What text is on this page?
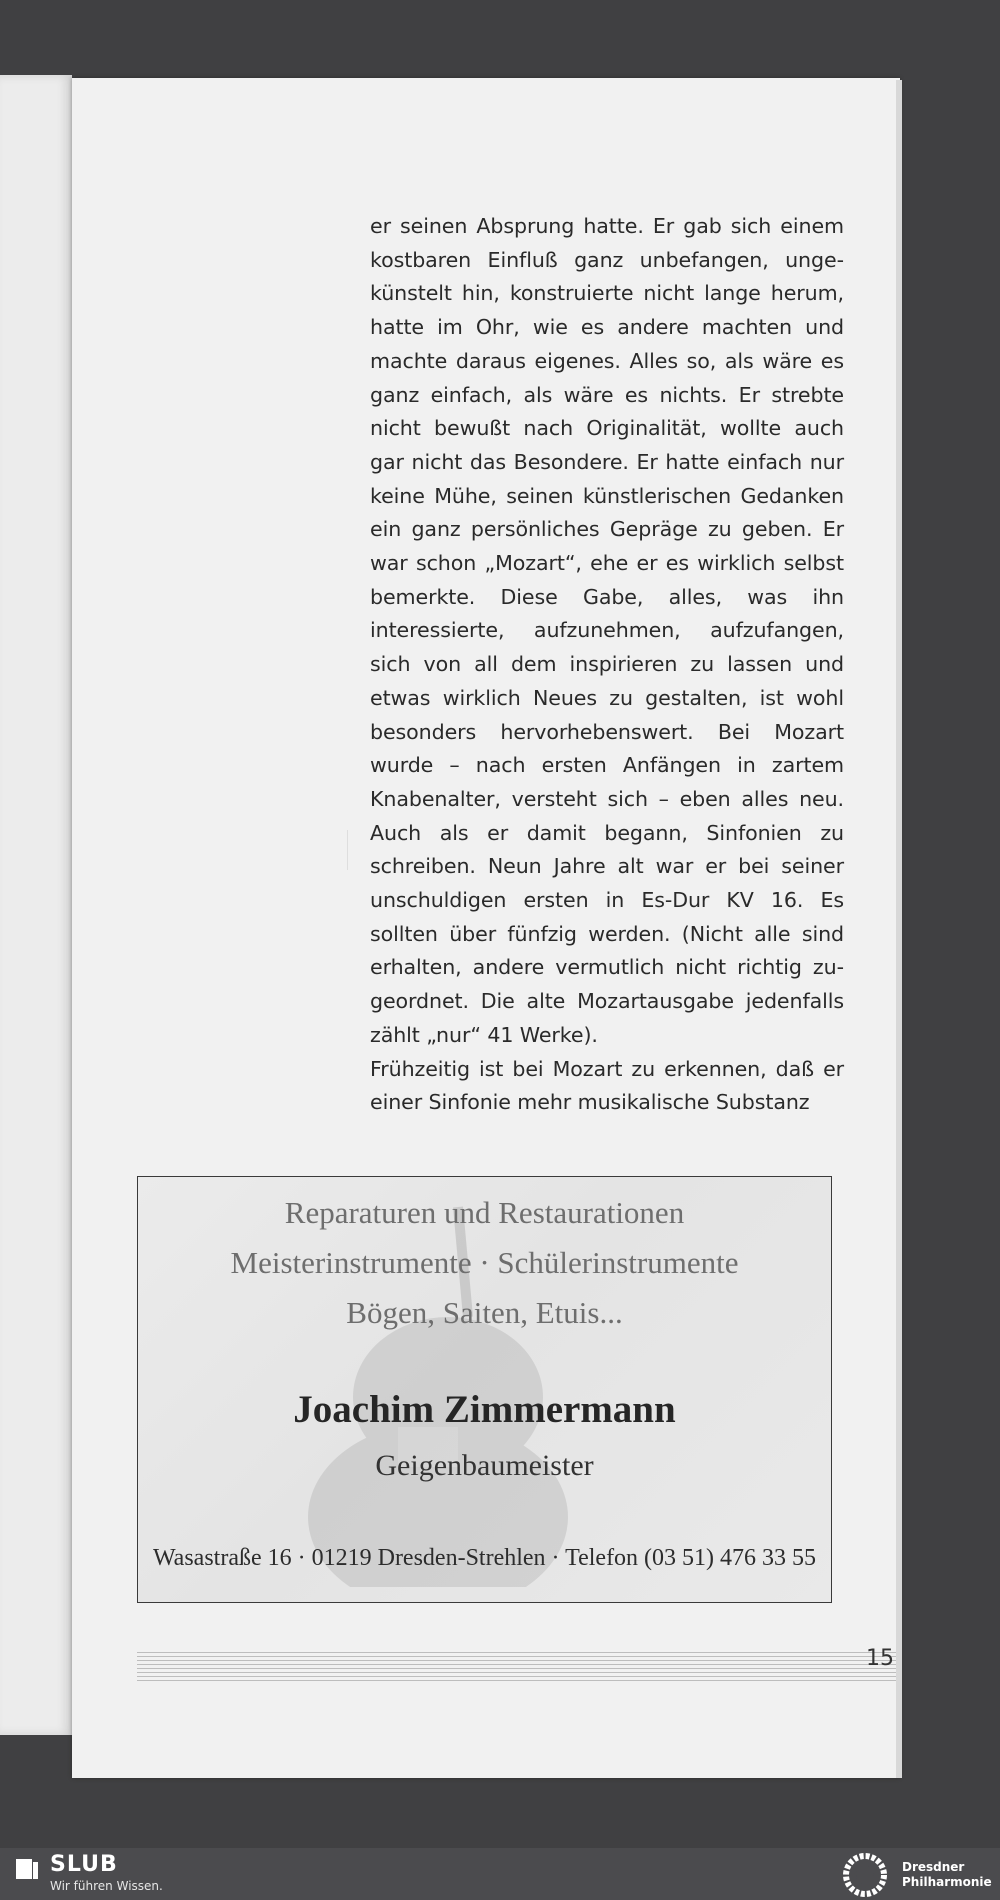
er seinen Absprung hatte. Er gab sich einem kostbaren Einfluß ganz unbefangen, ungekünstelt hin, konstruierte nicht lange herum, hatte im Ohr, wie es andere machten und machte daraus eigenes. Alles so, als wäre es ganz einfach, als wäre es nichts. Er strebte nicht bewußt nach Originalität, wollte auch gar nicht das Besondere. Er hatte einfach nur keine Mühe, seinen künstlerischen Gedanken ein ganz persönliches Gepräge zu geben. Er war schon „Mozart“, ehe er es wirklich selbst bemerkte. Diese Gabe, alles, was ihn interessierte, aufzunehmen, aufzufangen, sich von all dem inspirieren zu lassen und etwas wirklich Neues zu gestalten, ist wohl besonders hervorhebenswert. Bei Mozart wurde – nach ersten Anfängen in zartem Knabenalter, versteht sich – eben alles neu. Auch als er damit begann, Sinfonien zu schreiben. Neun Jahre alt war er bei seiner unschuldigen ersten in Es-Dur KV 16. Es sollten über fünfzig werden. (Nicht alle sind erhalten, andere vermutlich nicht richtig zugeordnet. Die alte Mozartausgabe jedenfalls zählt „nur“ 41 Werke).

Frühzeitig ist bei Mozart zu erkennen, daß er einer Sinfonie mehr musikalische Substanz

Reparaturen und Restaurationen
Meisterinstrumente · Schülerinstrumente
Bögen, Saiten, Etuis...
Joachim Zimmermann
Geigenbaumeister
Wasastraße 16 · 01219 Dresden-Strehlen · Telefon (03 51) 476 33 55
15
SLUB
Wir führen Wissen.
Dresdner
Philharmonie
